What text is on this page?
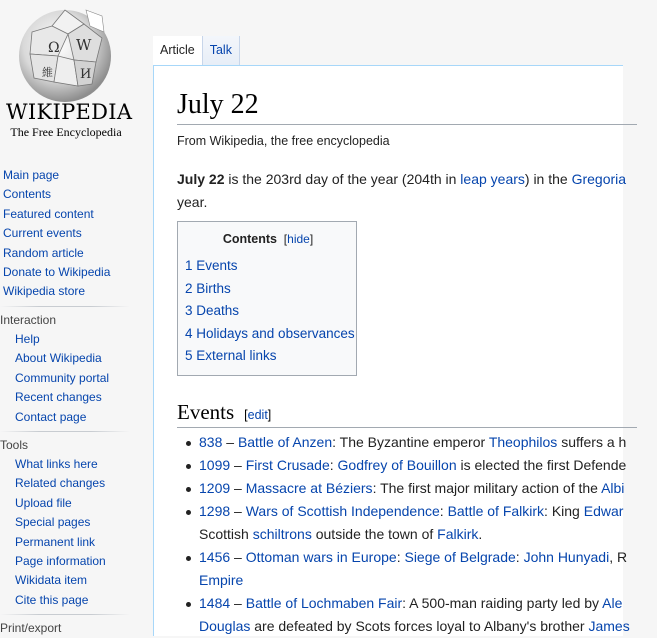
Ω W
維 И
WIKIPEDIA
The Free Encyclopedia
Main page
Contents
Featured content
Current events
Random article
Donate to Wikipedia
Wikipedia store
Interaction
Help
About Wikipedia
Community portal
Recent changes
Contact page
Tools
What links here
Related changes
Upload file
Special pages
Permanent link
Page information
Wikidata item
Cite this page
Print/export
Article	Talk
July 22
From Wikipedia, the free encyclopedia
July 22 is the 203rd day of the year (204th in leap years) in the Gregoria
year.
Contents  [hide]
1 Events
2 Births
3 Deaths
4 Holidays and observances
5 External links
Events [edit]
838 – Battle of Anzen: The Byzantine emperor Theophilos suffers a h
1099 – First Crusade: Godfrey of Bouillon is elected the first Defende
1209 – Massacre at Béziers: The first major military action of the Albi
1298 – Wars of Scottish Independence: Battle of Falkirk: King Edwar
Scottish schiltrons outside the town of Falkirk.
1456 – Ottoman wars in Europe: Siege of Belgrade: John Hunyadi, R
Empire
1484 – Battle of Lochmaben Fair: A 500-man raiding party led by Ale
Douglas are defeated by Scots forces loyal to Albany's brother James
